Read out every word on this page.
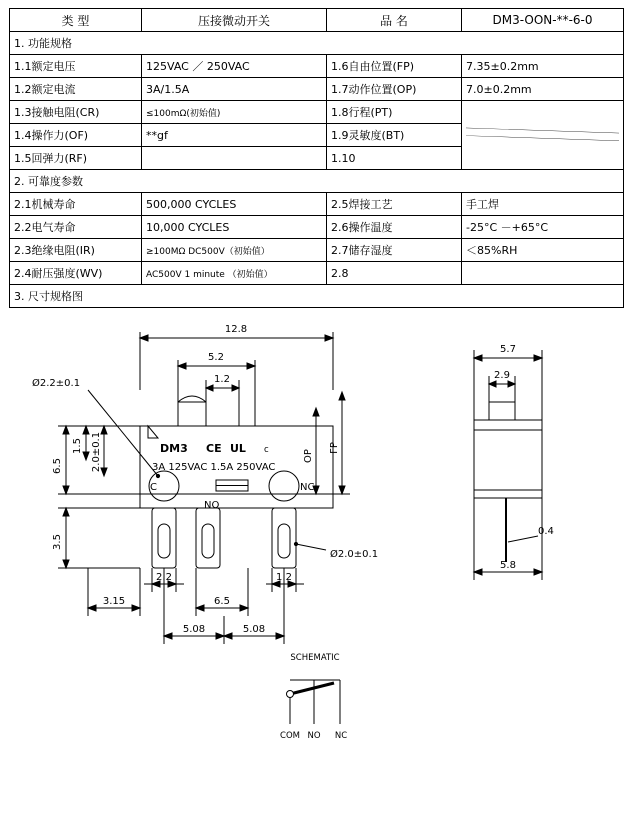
类 型	压接微动开关	品 名	DM3-OON-**-6-0
1. 功能规格			
1.1额定电压	125VAC ／ 250VAC	1.6自由位置(FP)	7.35±0.2mm
1.2额定电流	3A/1.5A	1.7动作位置(OP)	7.0±0.2mm
1.3接触电阻(CR)	≤100mΩ(初始值)	1.8行程(PT)	

1.4操作力(OF)	**gf	1.9灵敏度(BT)	
1.5回弹力(RF)		1.10	
2. 可靠度参数			
2.1机械寿命	500,000 CYCLES	2.5焊接工艺	手工焊
2.2电气寿命	10,000 CYCLES	2.6操作温度	-25°C －+65°C
2.3绝缘电阻(IR)	≥100MΩ DC500V（初始值）	2.7储存湿度	＜85%RH
2.4耐压强度(WV)	AC500V 1 minute （初始值）	2.8	
3. 尺寸规格图			
12.8
5.2
1.2
Ø2.2±0.1
6.5
1.5 2.0±0.1
3.5
OP
FP
DM3 CE UL c
3A 125VAC 1.5A 250VAC
C
NO
NC
2.2	1.2
Ø2.0±0.1
3.15	6.5
5.08	5.08
5.7
2.9
0.4
5.8
SCHEMATIC
COM NO NC
